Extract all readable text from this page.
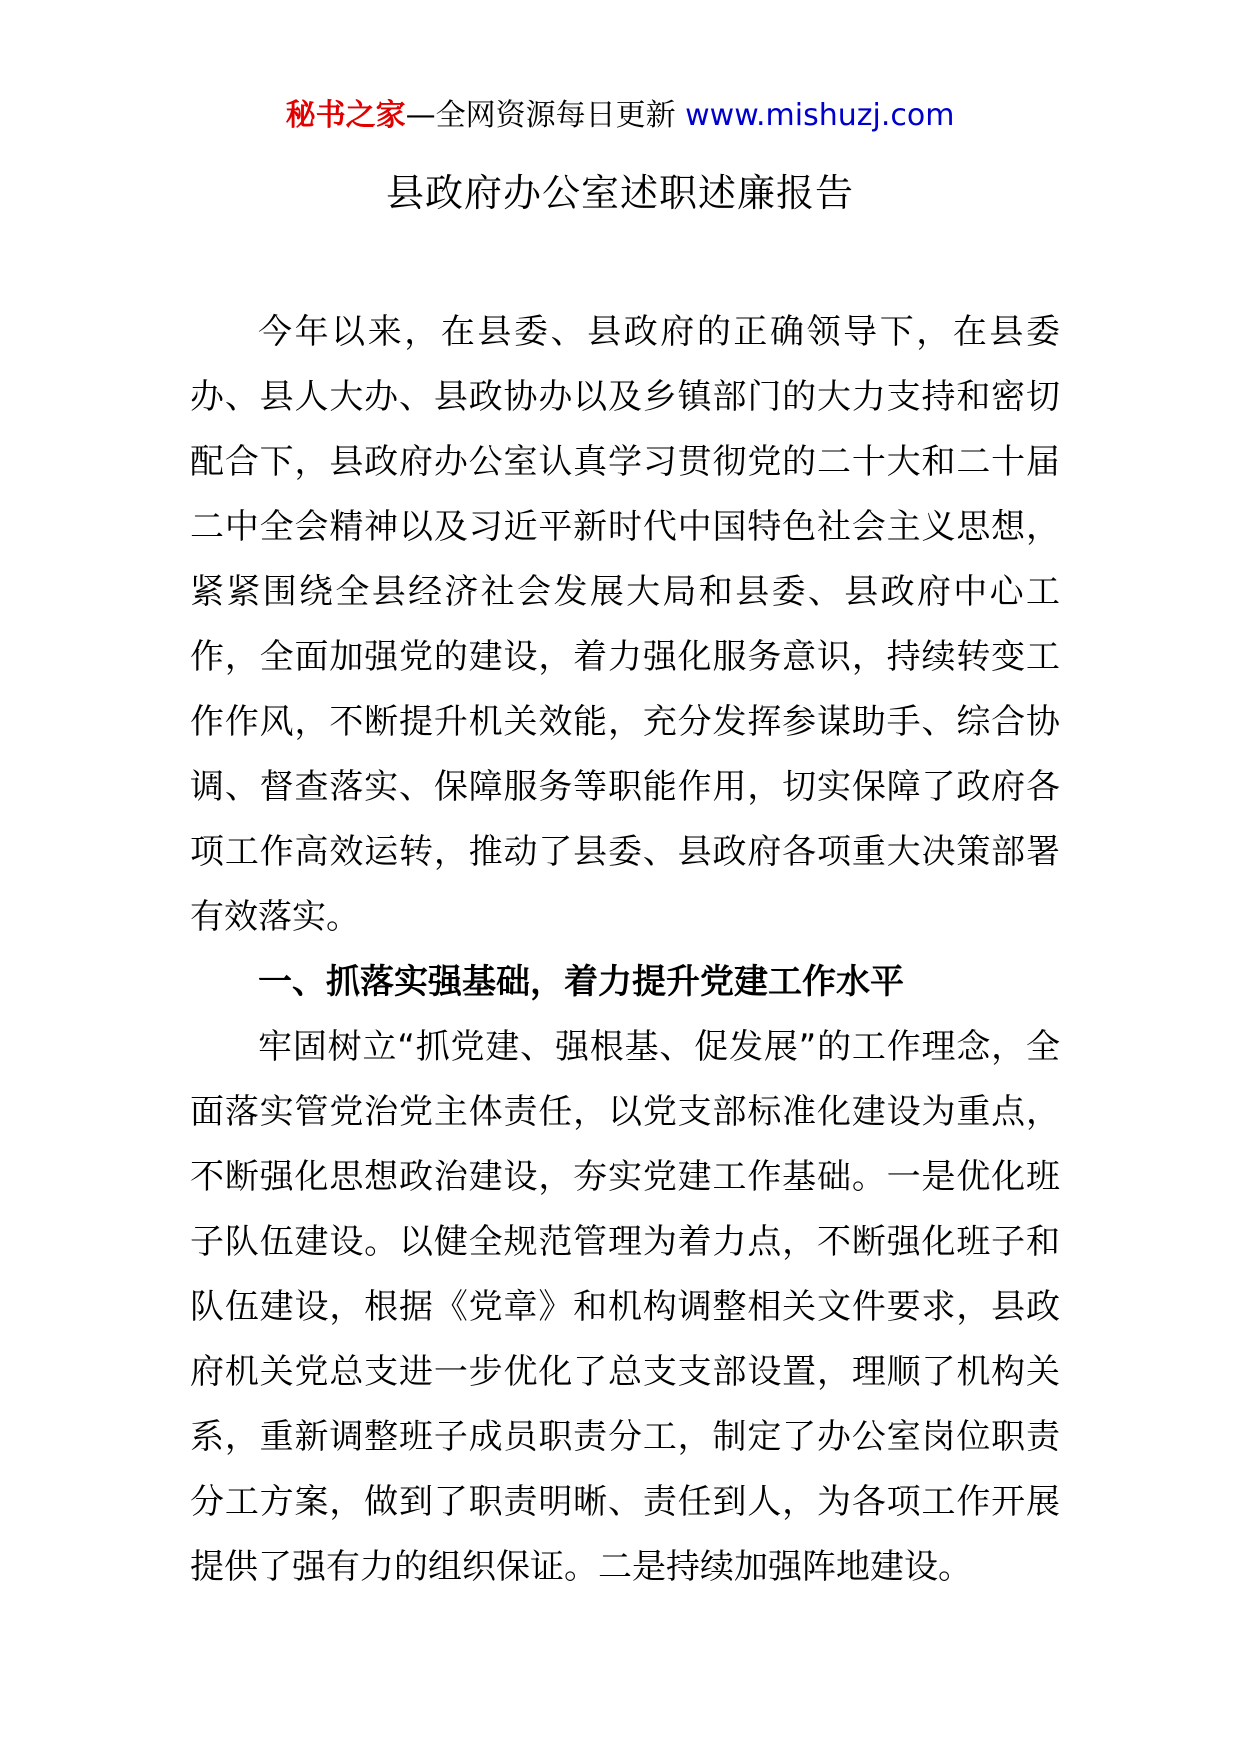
秘书之家—全网资源每日更新 www.mishuzj.com
县政府办公室述职述廉报告

今年以来，在县委、县政府的正确领导下，在县委办、县人大办、县政协办以及乡镇部门的大力支持和密切配合下，县政府办公室认真学习贯彻党的二十大和二十届二中全会精神以及习近平新时代中国特色社会主义思想，紧紧围绕全县经济社会发展大局和县委、县政府中心工作，全面加强党的建设，着力强化服务意识，持续转变工作作风，不断提升机关效能，充分发挥参谋助手、综合协调、督查落实、保障服务等职能作用，切实保障了政府各项工作高效运转，推动了县委、县政府各项重大决策部署有效落实。

一、抓落实强基础，着力提升党建工作水平

牢固树立“抓党建、强根基、促发展”的工作理念，全面落实管党治党主体责任，以党支部标准化建设为重点，不断强化思想政治建设，夯实党建工作基础。一是优化班子队伍建设。以健全规范管理为着力点，不断强化班子和队伍建设，根据《党章》和机构调整相关文件要求，县政府机关党总支进一步优化了总支支部设置，理顺了机构关系，重新调整班子成员职责分工，制定了办公室岗位职责分工方案，做到了职责明晰、责任到人，为各项工作开展提供了强有力的组织保证。二是持续加强阵地建设。
